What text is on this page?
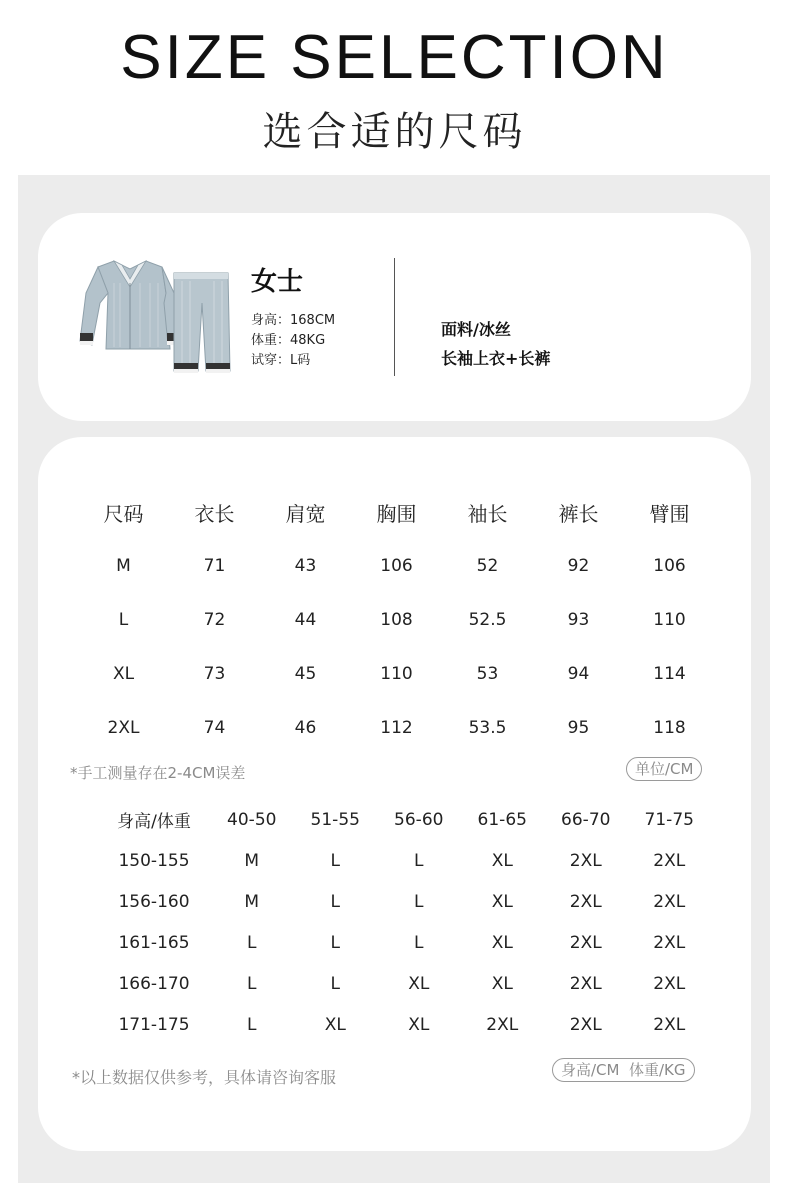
SIZE SELECTION
选合适的尺码
女士
身高：168CM
体重：48KG
试穿：L码
面料/冰丝
长袖上衣+长裤
尺码	衣长	肩宽	胸围	袖长	裤长	臂围
M	71	43	106	52	92	106
L	72	44	108	52.5	93	110
XL	73	45	110	53	94	114
2XL	74	46	112	53.5	95	118
*手工测量存在2-4CM误差	单位/CM
身高/体重	40-50	51-55	56-60	61-65	66-70	71-75
150-155	M	L	L	XL	2XL	2XL
156-160	M	L	L	XL	2XL	2XL
161-165	L	L	L	XL	2XL	2XL
166-170	L	L	XL	XL	2XL	2XL
171-175	L	XL	XL	2XL	2XL	2XL
*以上数据仅供参考，具体请咨询客服	身高/CM  体重/KG
